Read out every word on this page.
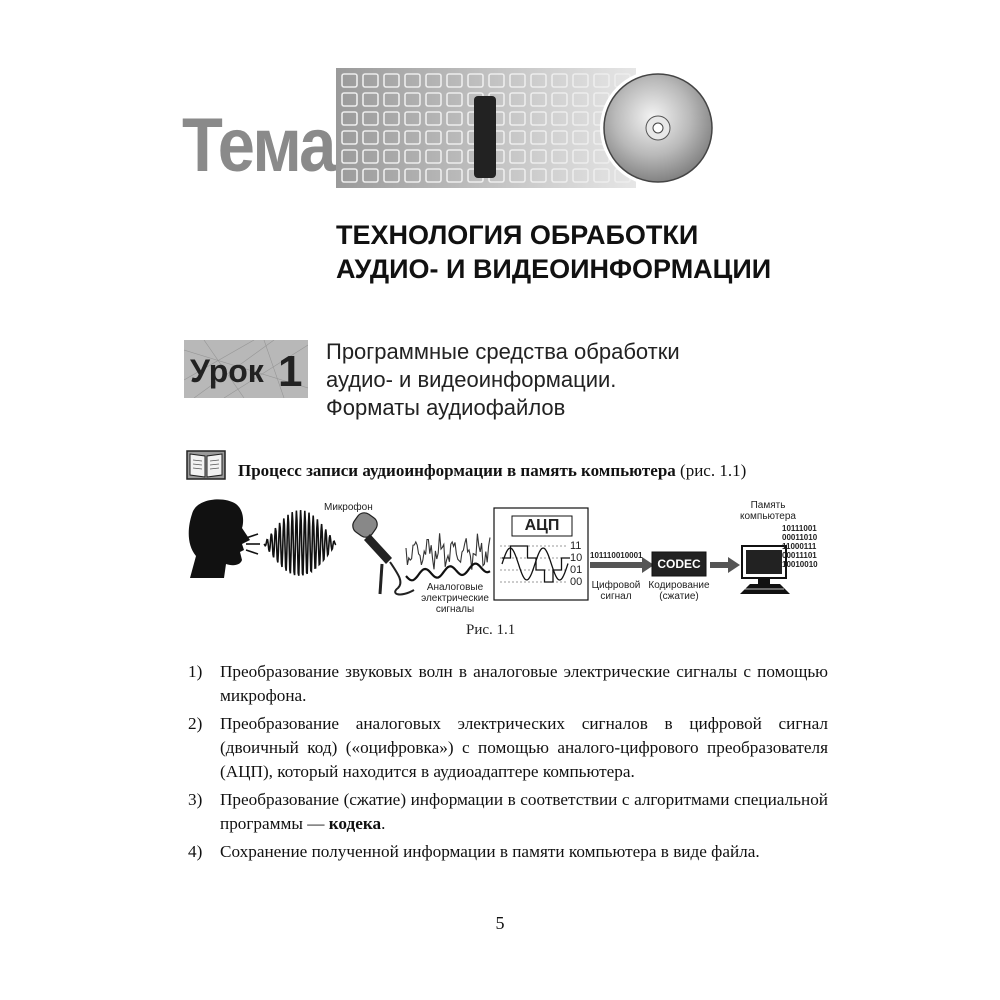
Тема
ТЕХНОЛОГИЯ ОБРАБОТКИ
АУДИО- И ВИДЕОИНФОРМАЦИИ
Урок 1 Программные средства обработки
аудио- и видеоинформации.
Форматы аудиофайлов
Процесс записи аудиоинформации в память компьютера (рис. 1.1)
Микрофон
Аналоговые
электрические
сигналы
АЦП
11
10
01
00
101110010001
Цифровой
сигнал
CODEC
Кодирование
(сжатие)
Память
компьютера
10111001
00011010
11000111
00011101
10010010
Рис. 1.1
1) Преобразование звуковых волн в аналоговые электрические сигналы с помощью микрофона.
2) Преобразование аналоговых электрических сигналов в цифровой сигнал (двоичный код) («оцифровка») с помощью аналого-цифрового преобразователя (АЦП), который находится в аудиоадаптере компьютера.
3) Преобразование (сжатие) информации в соответствии с алгоритмами специальной программы — кодека.
4) Сохранение полученной информации в памяти компьютера в виде файла.
5
